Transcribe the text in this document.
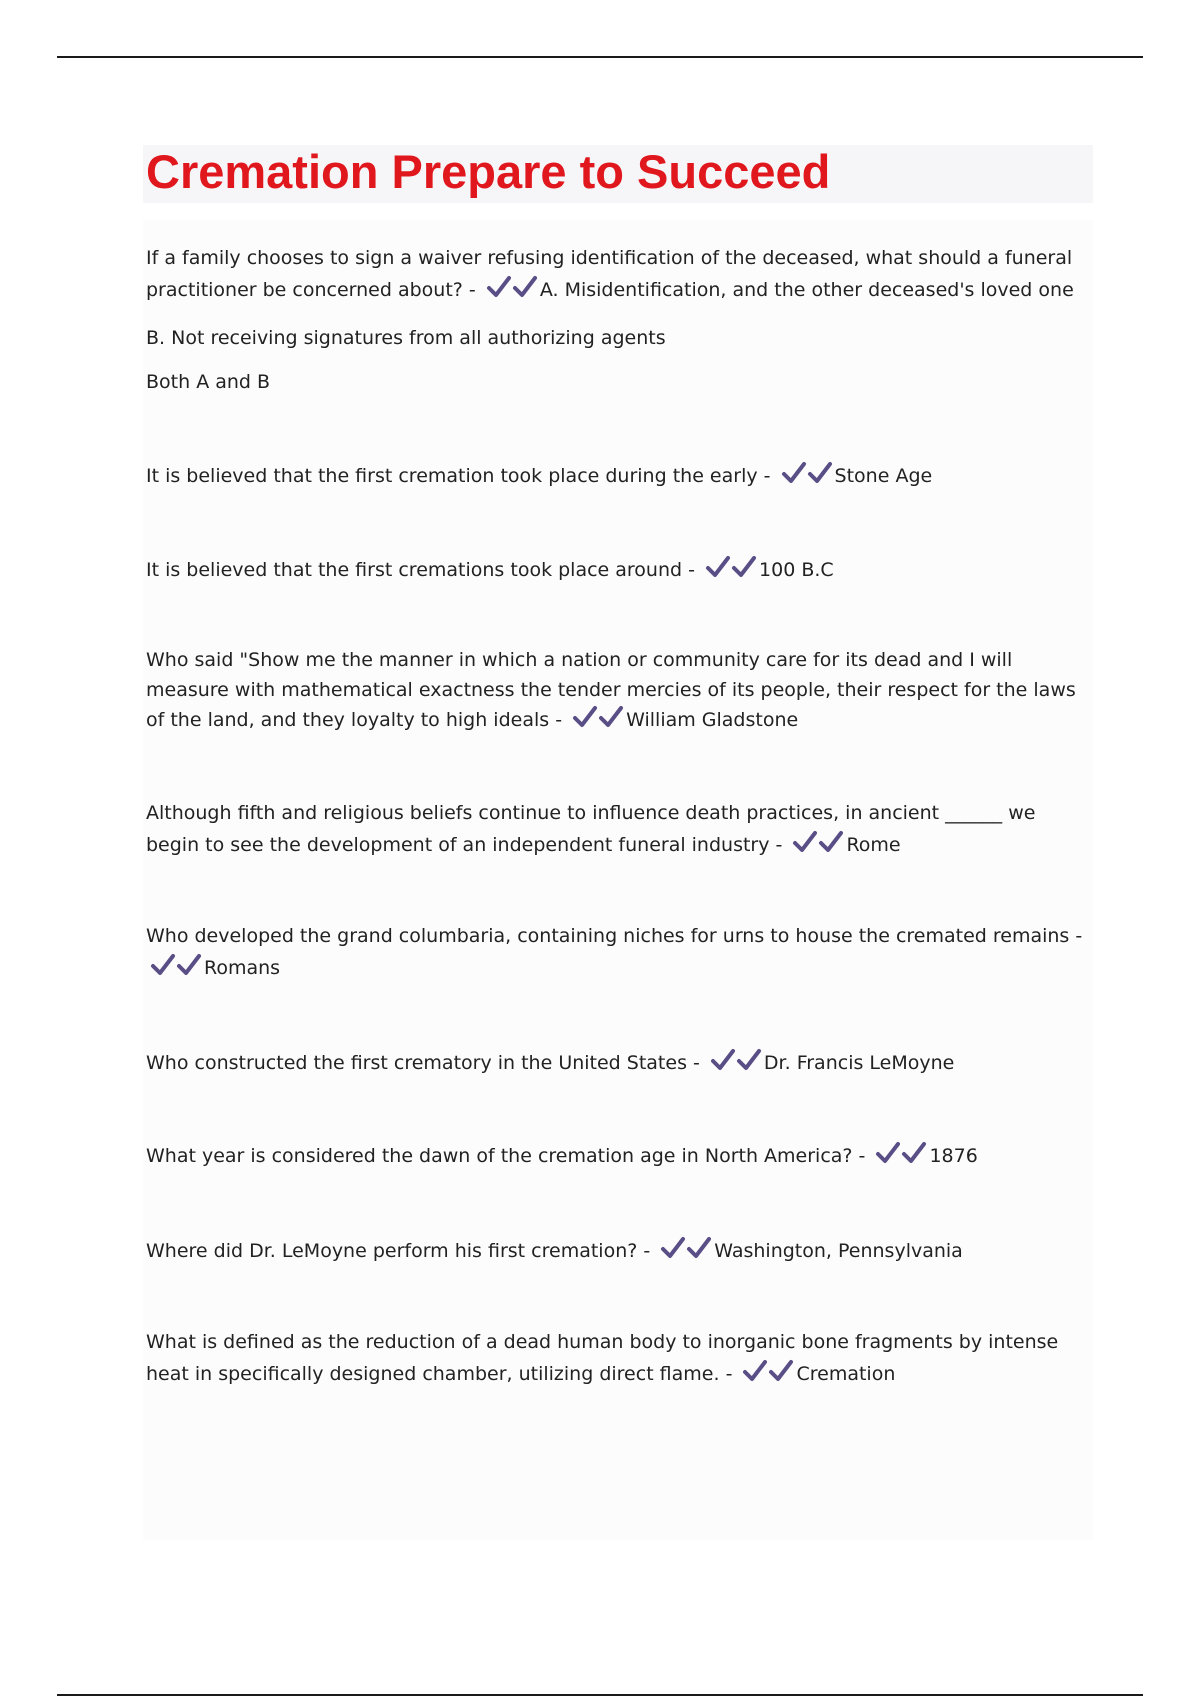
Cremation Prepare to Succeed

If a family chooses to sign a waiver refusing identification of the deceased, what should a funeral practitioner be concerned about? -	A. Misidentification, and the other deceased's loved one

B. Not receiving signatures from all authorizing agents

Both A and B

It is believed that the first cremation took place during the early -	Stone Age

It is believed that the first cremations took place around -	100 B.C

Who said "Show me the manner in which a nation or community care for its dead and I will measure with mathematical exactness the tender mercies of its people, their respect for the laws of the land, and they loyalty to high ideals -	William Gladstone

Although fifth and religious beliefs continue to influence death practices, in ancient ______ we begin to see the development of an independent funeral industry -	Rome

Who developed the grand columbaria, containing niches for urns to house the cremated remains -
Romans

Who constructed the first crematory in the United States -	Dr. Francis LeMoyne

What year is considered the dawn of the cremation age in North America? -	1876

Where did Dr. LeMoyne perform his first cremation? -	Washington, Pennsylvania

What is defined as the reduction of a dead human body to inorganic bone fragments by intense heat in specifically designed chamber, utilizing direct flame. -	Cremation
